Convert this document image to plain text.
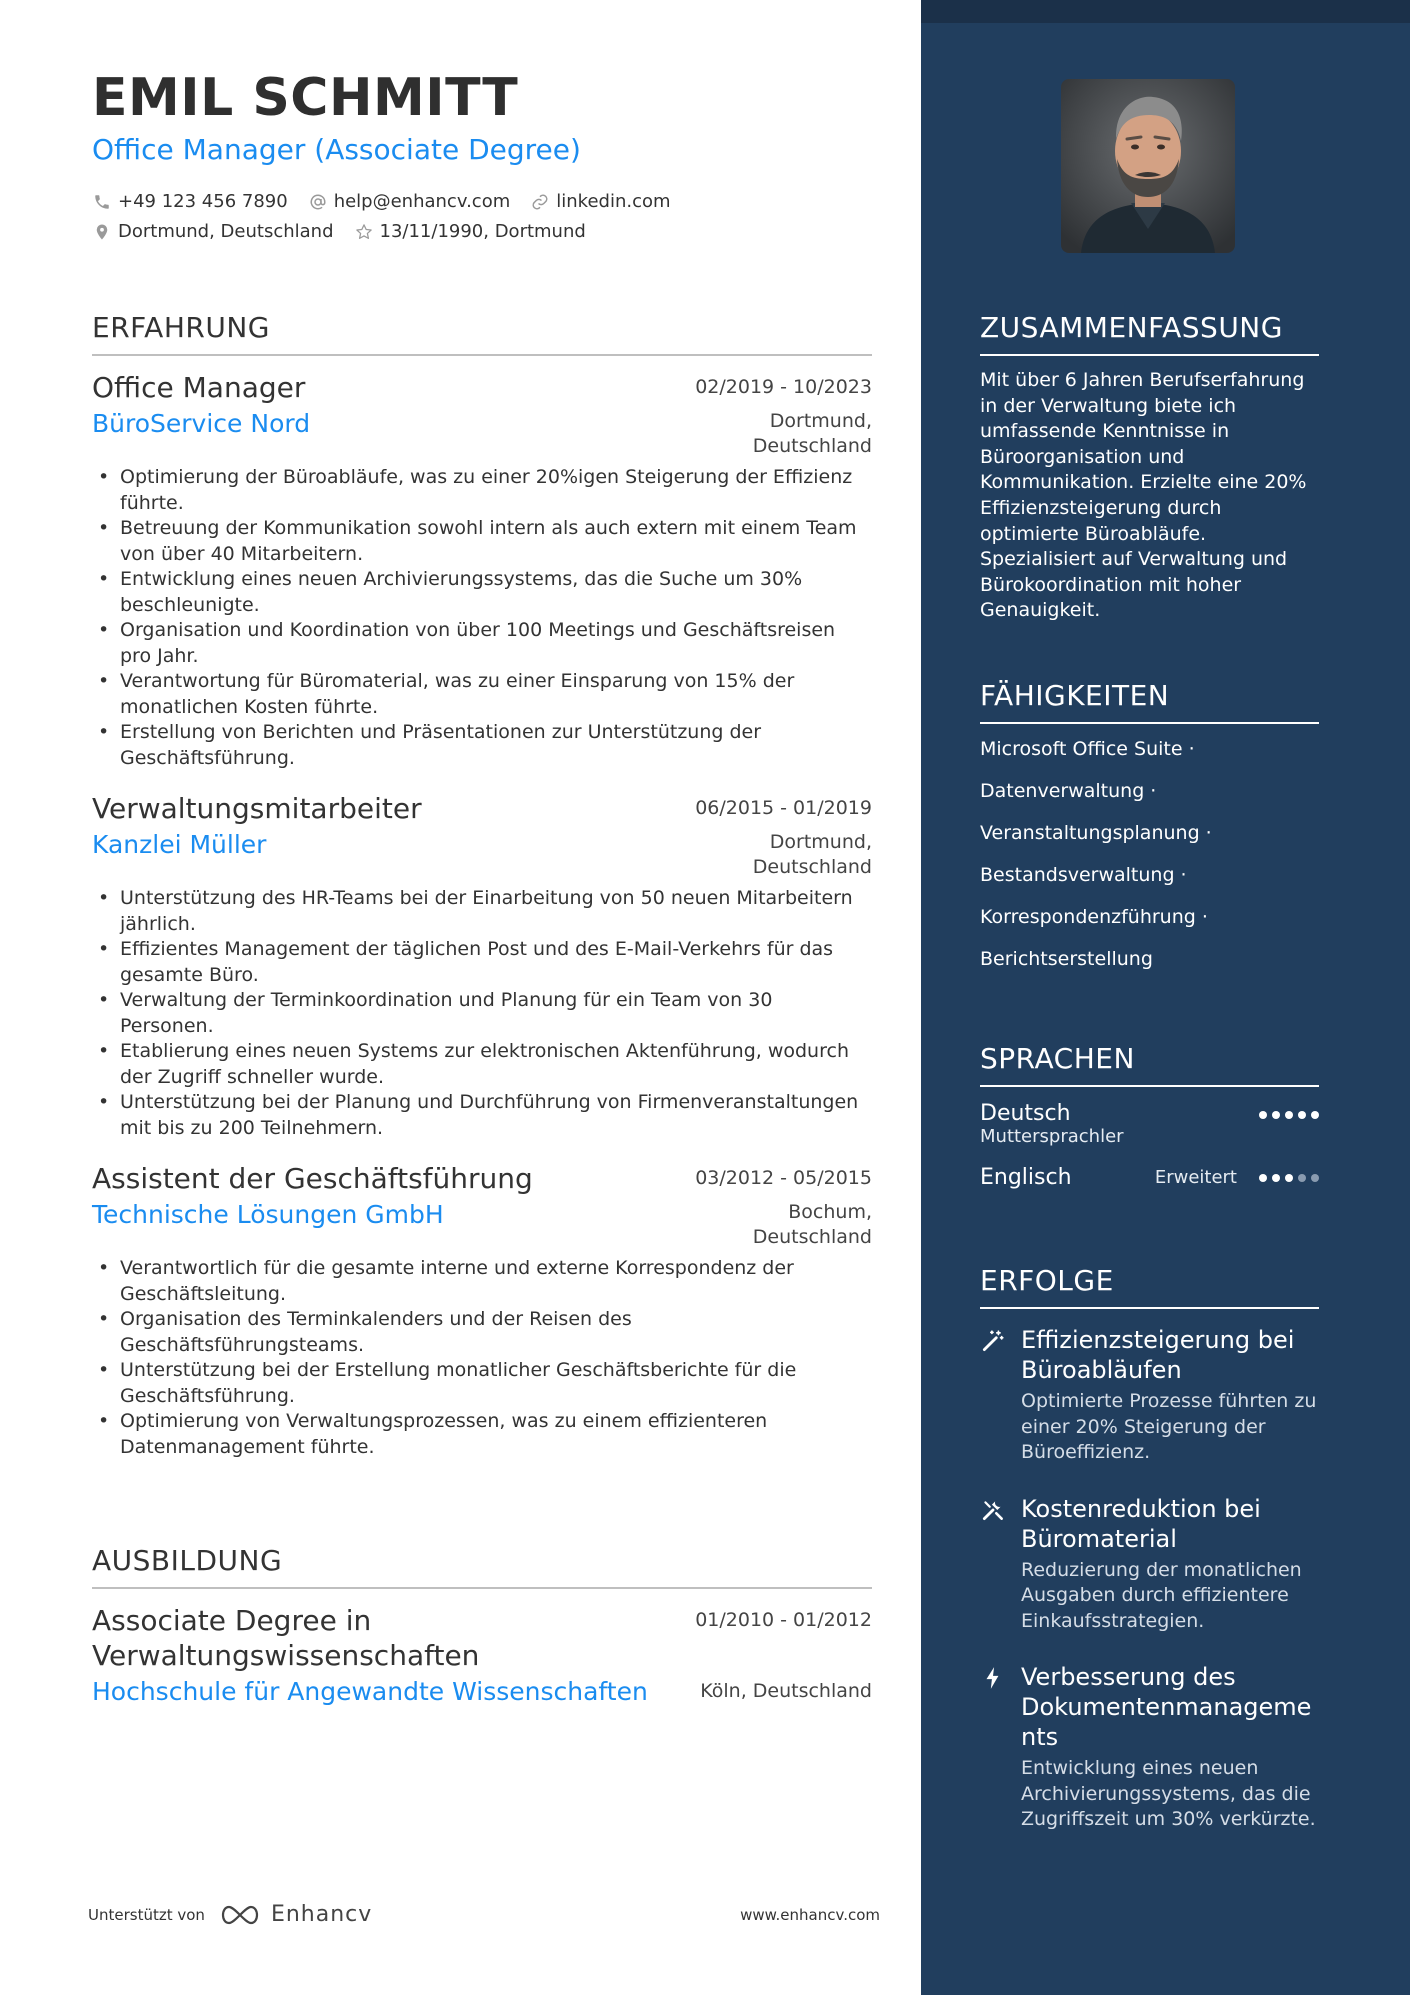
EMIL SCHMITT
Office Manager (Associate Degree)
+49 123 456 7890	help@enhancv.com	linkedin.com
Dortmund, Deutschland	13/11/1990, Dortmund
ERFAHRUNG
Office Manager	02/2019 - 10/2023
BüroService Nord	Dortmund,
Deutschland
• Optimierung der Büroabläufe, was zu einer 20%igen Steigerung der Effizienz führte.
• Betreuung der Kommunikation sowohl intern als auch extern mit einem Team von über 40 Mitarbeitern.
• Entwicklung eines neuen Archivierungssystems, das die Suche um 30% beschleunigte.
• Organisation und Koordination von über 100 Meetings und Geschäftsreisen pro Jahr.
• Verantwortung für Büromaterial, was zu einer Einsparung von 15% der monatlichen Kosten führte.
• Erstellung von Berichten und Präsentationen zur Unterstützung der Geschäftsführung.
Verwaltungsmitarbeiter	06/2015 - 01/2019
Kanzlei Müller	Dortmund,
Deutschland
• Unterstützung des HR-Teams bei der Einarbeitung von 50 neuen Mitarbeitern jährlich.
• Effizientes Management der täglichen Post und des E-Mail-Verkehrs für das gesamte Büro.
• Verwaltung der Terminkoordination und Planung für ein Team von 30 Personen.
• Etablierung eines neuen Systems zur elektronischen Aktenführung, wodurch der Zugriff schneller wurde.
• Unterstützung bei der Planung und Durchführung von Firmenveranstaltungen mit bis zu 200 Teilnehmern.
Assistent der Geschäftsführung	03/2012 - 05/2015
Technische Lösungen GmbH	Bochum,
Deutschland
• Verantwortlich für die gesamte interne und externe Korrespondenz der Geschäftsleitung.
• Organisation des Terminkalenders und der Reisen des Geschäftsführungsteams.
• Unterstützung bei der Erstellung monatlicher Geschäftsberichte für die Geschäftsführung.
• Optimierung von Verwaltungsprozessen, was zu einem effizienteren Datenmanagement führte.
AUSBILDUNG
Associate Degree in
Verwaltungswissenschaften
01/2010 - 01/2012
Hochschule für Angewandte Wissenschaften	Köln, Deutschland
Unterstützt von	Enhancv	www.enhancv.com
ZUSAMMENFASSUNG
Mit über 6 Jahren Berufserfahrung in der Verwaltung biete ich umfassende Kenntnisse in Büroorganisation und Kommunikation. Erzielte eine 20% Effizienzsteigerung durch optimierte Büroabläufe. Spezialisiert auf Verwaltung und Bürokoordination mit hoher Genauigkeit.
FÄHIGKEITEN
Microsoft Office Suite ·
Datenverwaltung ·
Veranstaltungsplanung ·
Bestandsverwaltung ·
Korrespondenzführung ·
Berichtserstellung
SPRACHEN
Deutsch
Muttersprachler
Englisch	Erweitert
ERFOLGE
Effizienzsteigerung bei Büroabläufen
Optimierte Prozesse führten zu einer 20% Steigerung der Büroeffizienz.
Kostenreduktion bei Büromaterial
Reduzierung der monatlichen Ausgaben durch effizientere Einkaufsstrategien.
Verbesserung des Dokumentenmanageme nts
Entwicklung eines neuen Archivierungssystems, das die Zugriffszeit um 30% verkürzte.
